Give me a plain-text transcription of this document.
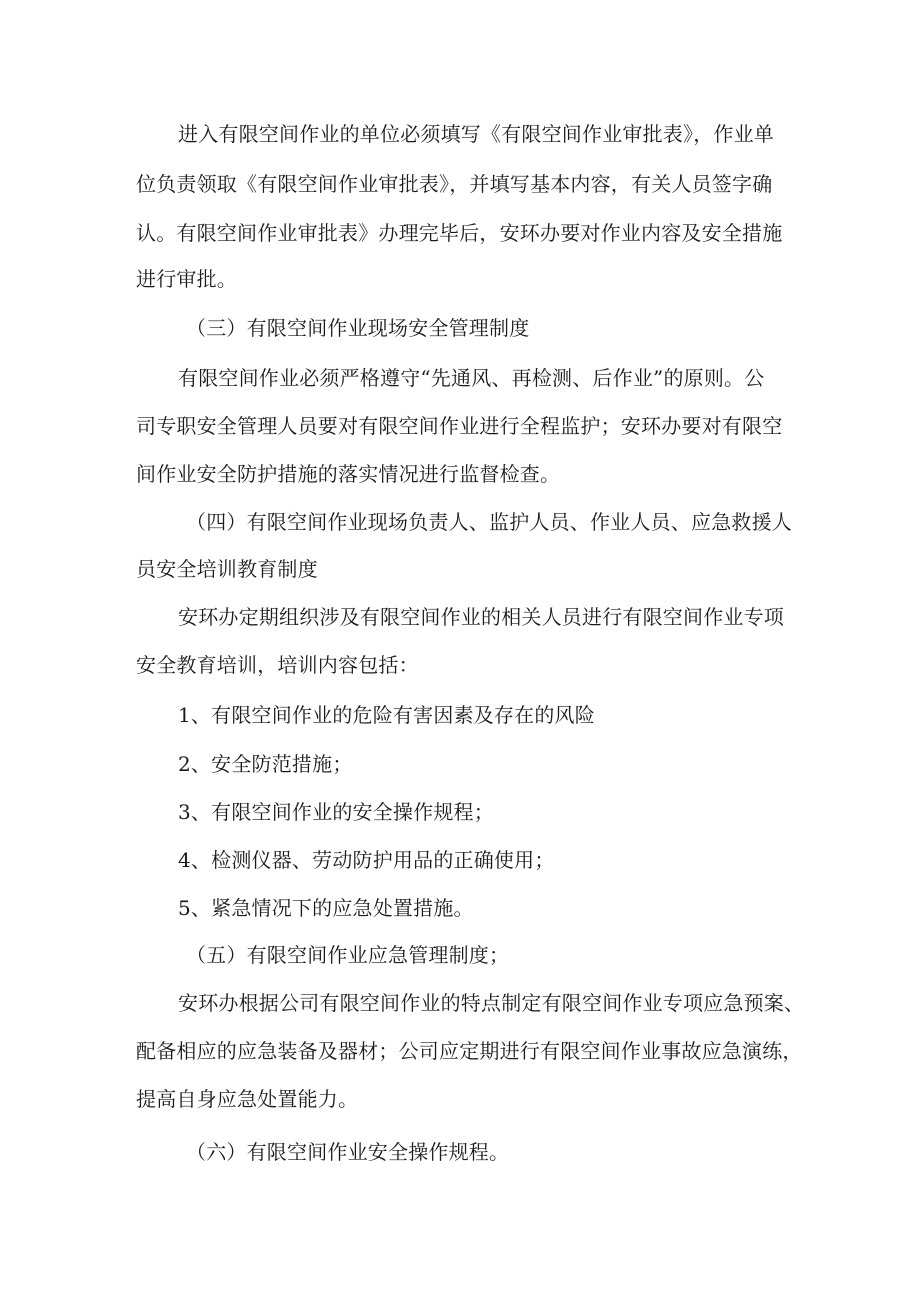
进入有限空间作业的单位必须填写《有限空间作业审批表》，作业单
位负责领取《有限空间作业审批表》，并填写基本内容，有关人员签字确
认。有限空间作业审批表》办理完毕后，安环办要对作业内容及安全措施
进行审批。
（三）有限空间作业现场安全管理制度
有限空间作业必须严格遵守“先通风、再检测、后作业”的原则。公
司专职安全管理人员要对有限空间作业进行全程监护；安环办要对有限空
间作业安全防护措施的落实情况进行监督检查。
（四）有限空间作业现场负责人、监护人员、作业人员、应急救援人
员安全培训教育制度
安环办定期组织涉及有限空间作业的相关人员进行有限空间作业专项
安全教育培训，培训内容包括：
1、有限空间作业的危险有害因素及存在的风险
2、安全防范措施；
3、有限空间作业的安全操作规程；
4、检测仪器、劳动防护用品的正确使用；
5、紧急情况下的应急处置措施。
（五）有限空间作业应急管理制度；
安环办根据公司有限空间作业的特点制定有限空间作业专项应急预案、
配备相应的应急装备及器材；公司应定期进行有限空间作业事故应急演练，
提高自身应急处置能力。
（六）有限空间作业安全操作规程。
